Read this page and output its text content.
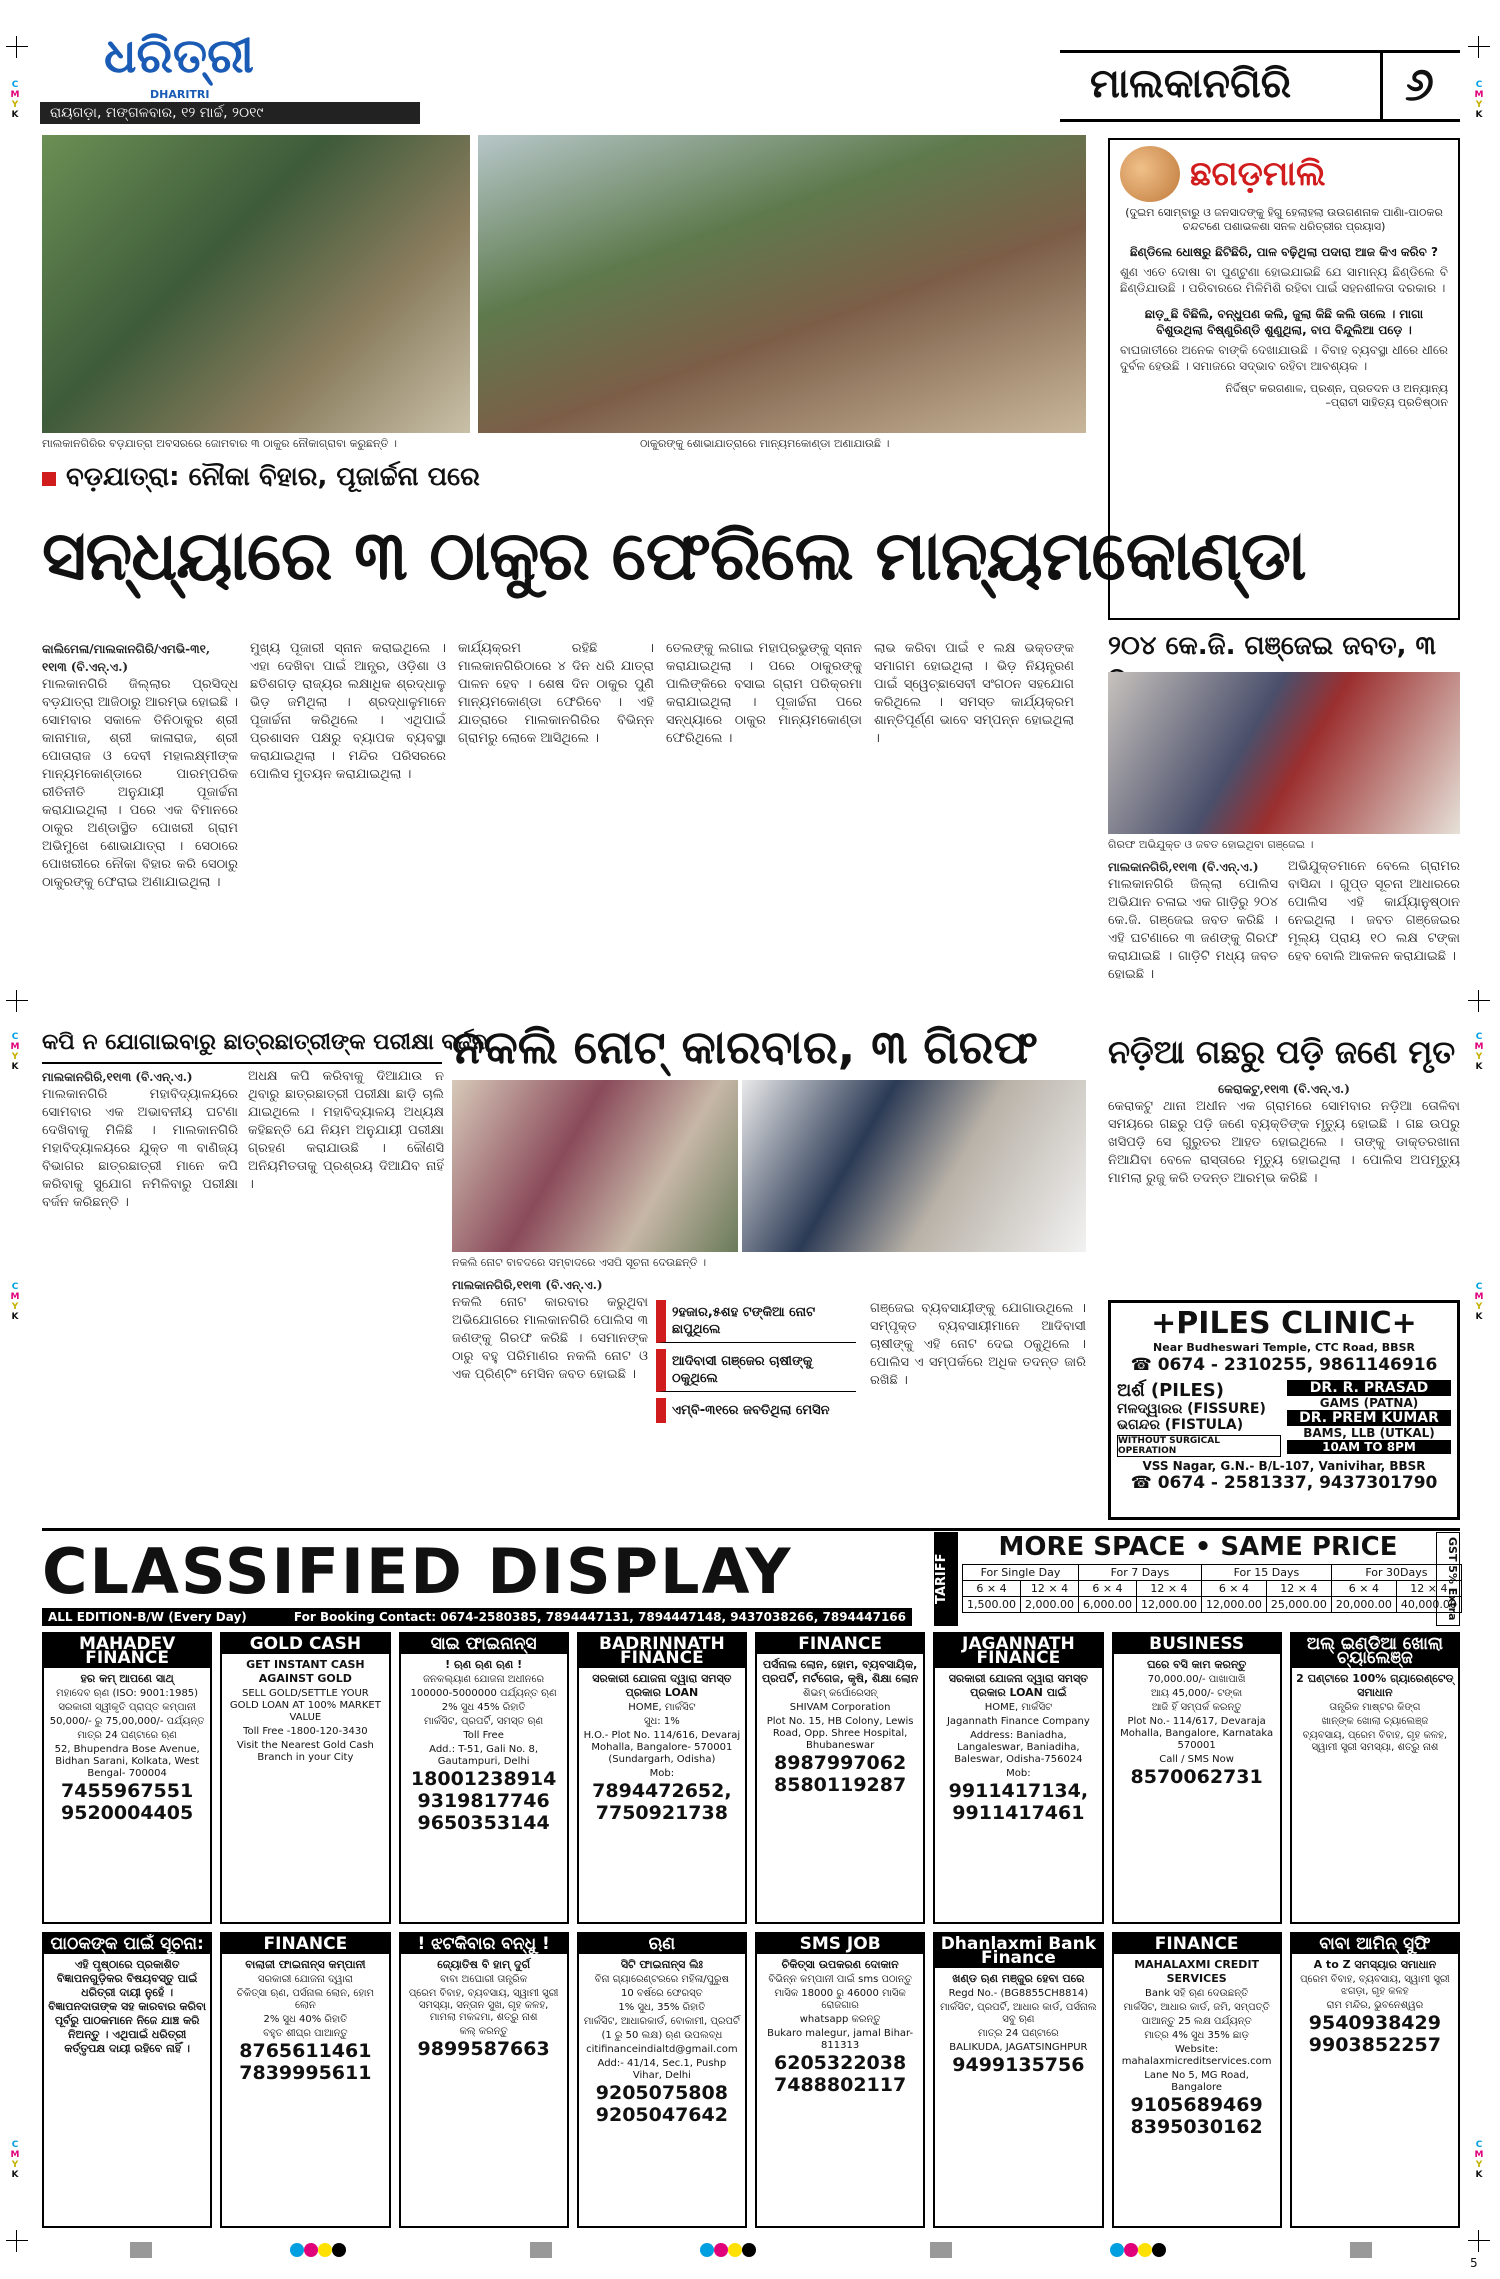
C
M
Y
K
C
M
Y
K
C
M
Y
K
C
M
Y
K
C
M
Y
K
C
M
Y
K
C
M
Y
K
C
M
Y
K
ଧରିତ୍ରୀ
DHARITRI
ରାୟଗଡ଼ା, ମଙ୍ଗଳବାର, ୧୨ ମାର୍ଚ୍ଚ, ୨୦୧୯
ମାଲକାନଗିରି ୬
ମାଲକାନଗିରିର ବଡ଼ଯାତ୍ରା ଅବସରରେ ଜୋମବାର ୩ ଠାକୁର ନୌକାଗ୍ରାବା କରୁଛନ୍ତି ।	ଠାକୁରଙ୍କୁ ଶୋଭାଯାତ୍ରାରେ ମାନ୍ୟମକୋଣ୍ଡା ଅଣାଯାଉଛି ।
ବଡ଼ଯାତ୍ରା: ନୌକା ବିହାର, ପୂଜାର୍ଚ୍ଚନା ପରେ
ସନ୍ଧ୍ୟାରେ ୩ ଠାକୁର ଫେରିଲେ ମାନ୍ୟମକୋଣ୍ଡା
କାଲିମେଳା/ମାଲକାନଗିରି/ଏମଭି-୩୧, ୧୧ା୩ (ବି.ଏନ୍.ଏ.)
ମାଲକାନଗିରି ଜିଲ୍ଲାର ପ୍ରସିଦ୍ଧ ବଡ଼ଯାତ୍ରା ଆଜିଠାରୁ ଆରମ୍ଭ ହୋଇଛି । ସୋମବାର ସକାଳେ ତିନିଠାକୁର ଶ୍ରୀ କାନାମାଜ, ଶ୍ରୀ କାଳାରାଜ, ଶ୍ରୀ ପୋତାରାଜ ଓ ଦେବୀ ମହାଲକ୍ଷ୍ମୀଙ୍କ ମାନ୍ୟମକୋଣ୍ଡାରେ ପାରମ୍ପରିକ ରୀତିନୀତି ଅନୁଯାୟୀ ପୂଜାର୍ଚ୍ଚନା କରାଯାଇଥିଲା । ପରେ ଏକ ବିମାନରେ ଠାକୁର ଅଣ୍ଡାସ୍ଥିତ ପୋଖରୀ ଗ୍ରାମ ଅଭିମୁଖେ ଶୋଭାଯାତ୍ରା । ସେଠାରେ ପୋଖରୀରେ ନୌକା ବିହାର କରି ସେଠାରୁ ଠାକୁରଙ୍କୁ ଫେରାଇ ଅଣାଯାଇଥିଲା ।
ମୁଖ୍ୟ ପୂଜାରୀ ସ୍ନାନ କରାଇଥିଲେ । ଏହା ଦେଖିବା ପାଇଁ ଆନ୍ଧ୍ର, ଓଡ଼ିଶା ଓ ଛତିଶଗଡ଼ ରାଜ୍ୟର ଲକ୍ଷାଧିକ ଶ୍ରଦ୍ଧାଳୁ ଭିଡ଼ ଜମିଥିଲା । ଶ୍ରଦ୍ଧାଳୁମାନେ ପୂଜାର୍ଚ୍ଚନା କରିଥିଲେ । ଏଥିପାଇଁ ପ୍ରଶାସନ ପକ୍ଷରୁ ବ୍ୟାପକ ବ୍ୟବସ୍ଥା କରାଯାଇଥିଲା । ମନ୍ଦିର ପରିସରରେ ପୋଲିସ ମୁତୟନ କରାଯାଇଥିଲା ।
କାର୍ଯ୍ୟକ୍ରମ ରହିଛି । ମାଲକାନଗିରିଠାରେ ୪ ଦିନ ଧରି ଯାତ୍ରା ପାଳନ ହେବ । ଶେଷ ଦିନ ଠାକୁର ପୁଣି ମାନ୍ୟମକୋଣ୍ଡା ଫେରିବେ । ଏହି ଯାତ୍ରାରେ ମାଲକାନଗିରିର ବିଭିନ୍ନ ଗ୍ରାମରୁ ଲୋକେ ଆସିଥିଲେ ।
ତେଲଙ୍କୁ ଲଗାଇ ମହାପ୍ରଭୁଙ୍କୁ ସ୍ନାନ କରାଯାଇଥିଲା । ପରେ ଠାକୁରଙ୍କୁ ପାଲିଙ୍କିରେ ବସାଇ ଗ୍ରାମ ପରିକ୍ରମା କରାଯାଇଥିଲା । ପୂଜାର୍ଚ୍ଚନା ପରେ ସନ୍ଧ୍ୟାରେ ଠାକୁର ମାନ୍ୟମକୋଣ୍ଡା ଫେରିଥିଲେ ।
ଲାଭ କରିବା ପାଇଁ ୧ ଲକ୍ଷ ଭକ୍ତଙ୍କ ସମାଗମ ହୋଇଥିଲା । ଭିଡ଼ ନିୟନ୍ତ୍ରଣ ପାଇଁ ସ୍ୱେଚ୍ଛାସେବୀ ସଂଗଠନ ସହଯୋଗ କରିଥିଲେ । ସମସ୍ତ କାର୍ଯ୍ୟକ୍ରମ ଶାନ୍ତିପୂର୍ଣ୍ଣ ଭାବେ ସମ୍ପନ୍ନ ହୋଇଥିଲା ।
ଛଗଡ଼ମାଲି
(ଦୁଇମ ସୋମ୍ବାରୁ ଓ ଜନସାଦଙ୍କୁ ହିଗୁ ହେଲାହଲା ଉଉଗଣନାକ ପାଣିା-ପାଠକର ଚନ୍ଦଟଣେ ପଶାଭଳଶା ସନଳ ଧରିତ୍ରୀର ପ୍ରୟାସ)
ଛିଣ୍ଡିଲେ ଧୋଷରୁ ଛିଟିଛିରି, ପାଳ ବଢ଼ିଥିଲା ପଦାରା ଆଜ କିଏ କରିବ ?
ଶୁଣ ଏତେ ଦୋଷା ବା ପୁଣ୍ଟୁଣା ହୋଇଯାଇଛି ଯେ ସାମାନ୍ୟ ଛିଣ୍ଡିଲେ ବି ଛିଣ୍ଡିଯାଉଛି । ପରିବାରରେ ମିଳିମିଶି ରହିବା ପାଇଁ ସହନଶୀଳତା ଦରକାର ।
ଛାଡ଼ୁଛି ବିଛିଲି, ବନ୍ଧୁପଣ କଲି, ଜୁଲା କିଛି କଲି ତାଲେ । ମାଗା ବିଶୁଉଥିଲା ବିଷ୍ଣୁରିଣ୍ଡି ଶୁଣୁଥିଲା, ବାପ ବିନ୍ଦୁଲିଆ ପଡ଼େ ।
ବାଘଜାତୀରେ ଅନେକ ବାଙ୍କି ଦେଖାଯାଉଛି । ବିବାହ ବ୍ୟବସ୍ଥା ଧୀରେ ଧୀରେ ଦୁର୍ବଳ ହେଉଛି । ସମାଜରେ ସଦ୍ଭାବ ରହିବା ଆବଶ୍ୟକ ।
ନିର୍ଦ୍ଦିଷ୍ଟ କରଗଣାଳ, ପ୍ରଶ୍ନ, ପ୍ରତଦନ ଓ ଅନ୍ୟାନ୍ୟ
–ପ୍ରାଚୀ ସାହିତ୍ୟ ପ୍ରତିଷ୍ଠାନ
୨୦୪ କେ.ଜି. ଗଞ୍ଜେଇ ଜବତ, ୩
ଗିରଫ ଅଭିଯୁକ୍ତ ଓ ଜବତ ହୋଇଥିବା ଗଞ୍ଜେଇ ।
ମାଲକାନଗିରି,୧୧ା୩ (ବି.ଏନ୍.ଏ.)
ମାଲକାନଗିରି ଜିଲ୍ଲା ପୋଲିସ ଅଭିଯାନ ଚଳାଇ ଏକ ଗାଡ଼ିରୁ ୨୦୪ କେ.ଜି. ଗଞ୍ଜେଇ ଜବତ କରିଛି । ଏହି ଘଟଣାରେ ୩ ଜଣଙ୍କୁ ଗିରଫ କରାଯାଇଛି । ଗାଡ଼ିଟି ମଧ୍ୟ ଜବତ ହୋଇଛି ।
ଅଭିଯୁକ୍ତମାନେ ବେଲେ ଗ୍ରାମର ବାସିନ୍ଦା । ଗୁପ୍ତ ସୂଚନା ଆଧାରରେ ପୋଲିସ ଏହି କାର୍ଯ୍ୟାନୁଷ୍ଠାନ ନେଇଥିଲା । ଜବତ ଗଞ୍ଜେଇର ମୂଲ୍ୟ ପ୍ରାୟ ୧୦ ଲକ୍ଷ ଟଙ୍କା ହେବ ବୋଲି ଆକଳନ କରାଯାଇଛି ।
କପି ନ ଯୋଗାଇବାରୁ ଛାତ୍ରଛାତ୍ରୀଙ୍କ ପରୀକ୍ଷା ବର୍ଜନ
ମାଲକାନଗିରି,୧୧ା୩ (ବି.ଏନ୍.ଏ.)
ମାଲକାନଗିରି ମହାବିଦ୍ୟାଳୟରେ ସୋମବାର ଏକ ଅଭାବନୀୟ ଘଟଣା ଦେଖିବାକୁ ମିଳିଛି । ମାଲକାନଗିରି ମହାବିଦ୍ୟାଳୟରେ ଯୁକ୍ତ ୩ ବାଣିଜ୍ୟ ବିଭାଗର ଛାତ୍ରଛାତ୍ରୀ ମାନେ କପି କରିବାକୁ ସୁଯୋଗ ନମିଳିବାରୁ ପରୀକ୍ଷା ବର୍ଜନ କରିଛନ୍ତି ।
ଅଧକ୍ଷ କପି କରିବାକୁ ଦିଆଯାଉ ନ ଥିବାରୁ ଛାତ୍ରଛାତ୍ରୀ ପରୀକ୍ଷା ଛାଡ଼ି ଚାଲି ଯାଇଥିଲେ । ମହାବିଦ୍ୟାଳୟ ଅଧ୍ୟକ୍ଷ କହିଛନ୍ତି ଯେ ନିୟମ ଅନୁଯାୟୀ ପରୀକ୍ଷା ଗ୍ରହଣ କରାଯାଉଛି । କୌଣସି ଅନିୟମିତତାକୁ ପ୍ରଶ୍ରୟ ଦିଆଯିବ ନାହିଁ ।
ନକଲି ନୋଟ୍ କାରବାର, ୩ ଗିରଫ
ନକଲି ନୋଟ ବାବଦରେ ସମ୍ବାଦରେ ଏସପି ସୂଚନା ଦେଉଛନ୍ତି ।
ମାଲକାନଗିରି,୧୧ା୩ (ବି.ଏନ୍.ଏ.)
ନକଲି ନୋଟ କାରବାର କରୁଥିବା ଅଭିଯୋଗରେ ମାଲକାନଗିରି ପୋଲିସ ୩ ଜଣଙ୍କୁ ଗିରଫ କରିଛି । ସେମାନଙ୍କ ଠାରୁ ବହୁ ପରିମାଣର ନକଲି ନୋଟ ଓ ଏକ ପ୍ରିଣ୍ଟିଂ ମେସିନ ଜବତ ହୋଇଛି ।
୨ହଜାର,୫ଶହ ଟଙ୍କିଆ ନୋଟ ଛାପୁଥିଲେ
ଆଦିବାସୀ ଗଞ୍ଜେର ଚାଷୀଙ୍କୁ ଠକୁଥିଲେ
ଏମ୍ବି-୩୧ରେ ଜବତିଥିଲା ମେସିନ
ଗଞ୍ଜେଇ ବ୍ୟବସାୟୀଙ୍କୁ ଯୋଗାଉଥିଲେ । ସମ୍ପୃକ୍ତ ବ୍ୟବସାୟୀମାନେ ଆଦିବାସୀ ଚାଷୀଙ୍କୁ ଏହି ନୋଟ ଦେଇ ଠକୁଥିଲେ । ପୋଲିସ ଏ ସମ୍ପର୍କରେ ଅଧିକ ତଦନ୍ତ ଜାରି ରଖିଛି ।
ନଡ଼ିଆ ଗଛରୁ ପଡ଼ି ଜଣେ ମୃତ
କେରାକଟୁ,୧୧ା୩ (ବି.ଏନ୍.ଏ.)
କେରାକଟୁ ଥାନା ଅଧୀନ ଏକ ଗ୍ରାମରେ ସୋମବାର ନଡ଼ିଆ ତୋଳିବା ସମୟରେ ଗଛରୁ ପଡ଼ି ଜଣେ ବ୍ୟକ୍ତିଙ୍କ ମୃତ୍ୟୁ ହୋଇଛି । ଗଛ ଉପରୁ ଖସିପଡ଼ି ସେ ଗୁରୁତର ଆହତ ହୋଇଥିଲେ । ତାଙ୍କୁ ଡାକ୍ତରଖାନା ନିଆଯିବା ବେଳେ ରାସ୍ତାରେ ମୃତ୍ୟୁ ହୋଇଥିଲା । ପୋଲିସ ଅପମୃତ୍ୟୁ ମାମଲା ରୁଜୁ କରି ତଦନ୍ତ ଆରମ୍ଭ କରିଛି ।
+PILES CLINIC+
Near Budheswari Temple, CTC Road, BBSR
☎ 0674 - 2310255, 9861146916
ଅର୍ଶ (PILES)
ମଳଦ୍ୱାରର (FISSURE)
ଭଗନ୍ଦର (FISTULA)
WITHOUT SURGICAL OPERATION
DR. R. PRASAD
GAMS (PATNA)
DR. PREM KUMAR
BAMS, LLB (UTKAL)
10AM TO 8PM
VSS Nagar, G.N.- B/L-107, Vanivihar, BBSR
☎ 0674 - 2581337, 9437301790
CLASSIFIED DISPLAY
ALL EDITION-B/W (Every Day)	For Booking Contact: 0674-2580385, 7894447131, 7894447148, 9437038266, 7894447166
TARIFF
MORE SPACE • SAME PRICE	GST 5% Extra
For Single Day		For 7 Days		For 15 Days		For 30Days	
6 × 4	12 × 4	6 × 4	12 × 4	6 × 4	12 × 4	6 × 4	12 × 4
1,500.00	2,000.00	6,000.00	12,000.00	12,000.00	25,000.00	20,000.00	40,000.00
MAHADEV FINANCE
ହର କମ୍ ଆପଣେ ସାଥ୍
ମହାଦେବ ଋଣ (ISO: 9001:1985)
ସରକାରୀ ସ୍ୱୀକୃତି ପ୍ରାପ୍ତ କମ୍ପାନୀ
50,000/- ରୁ 75,00,000/- ପର୍ଯ୍ୟନ୍ତ
ମାତ୍ର 24 ଘଣ୍ଟାରେ ଋଣ
52, Bhupendra Bose Avenue, Bidhan Sarani, Kolkata, West Bengal- 700004
7455967551
9520004405
GOLD CASH
GET INSTANT CASH AGAINST GOLD
SELL GOLD/SETTLE YOUR GOLD LOAN AT 100% MARKET VALUE
Toll Free -1800-120-3430
Visit the Nearest Gold Cash Branch in your City
ସାଇ ଫାଇନାନ୍ସ
! ଋଣ ଋଣ ଋଣ !
ଜନକଲ୍ୟାଣ ଯୋଜନା ଅଧୀନରେ
100000-5000000 ପର୍ଯ୍ୟନ୍ତ ଋଣ
2% ସୁଧ 45% ରିହାତି
ମାର୍କସିଟ, ପ୍ରପର୍ଟି, ସମସ୍ତ ଋଣ
Toll Free
Add.: T-51, Gali No. 8, Gautampuri, Delhi
18001238914
9319817746
9650353144
BADRINNATH FINANCE
ସରକାରୀ ଯୋଜନା ଦ୍ୱାରା ସମସ୍ତ ପ୍ରକାର LOAN
HOME, ମାର୍କସିଟ
ସୁଧ: 1%
H.O.- Plot No. 114/616, Devaraj Mohalla, Bangalore- 570001 (Sundargarh, Odisha)
Mob:
7894472652, 7750921738
FINANCE
ପର୍ସନାଲ ଲୋନ, ହୋମ, ବ୍ୟବସାୟିକ, ପ୍ରପର୍ଟି, ମର୍ଟଗେଜ, କୃଷି, ଶିକ୍ଷା ଲୋନ
ଶିଭମ୍ କର୍ପୋରେସନ୍
SHIVAM Corporation
Plot No. 15, HB Colony, Lewis Road, Opp. Shree Hospital, Bhubaneswar
8987997062
8580119287
JAGANNATH FINANCE
ସରକାରୀ ଯୋଜନା ଦ୍ୱାରା ସମସ୍ତ ପ୍ରକାର LOAN ପାଇଁ
HOME, ମାର୍କସିଟ
Jagannath Finance Company
Address: Baniadha, Langaleswar, Baniadiha, Baleswar, Odisha-756024
Mob:
9911417134, 9911417461
BUSINESS
ଘରେ ବସି କାମ କରନ୍ତୁ
70,000.00/- ପାଖାପାଖି
ଆୟ 45,000/- ଟଙ୍କା
ଆଜି ହିଁ ସମ୍ପର୍କ କରନ୍ତୁ
Plot No.- 114/617, Devaraja Mohalla, Bangalore, Karnataka 570001
Call / SMS Now
8570062731
ଅଲ୍ ଇଣ୍ଡିଆ ଖୋଲା ଚ୍ୟାଲେଞ୍ଜ
2 ଘଣ୍ଟାରେ 100% ଗ୍ୟାରେଣ୍ଟେଡ୍ ସମାଧାନ
ତାନ୍ତ୍ରିକ ମାଷ୍ଟର କିଙ୍ଗ
ଖାନ୍ଙ୍କ ଖୋଲା ଚ୍ୟାଲେଞ୍ଜ
ବ୍ୟବସାୟ, ପ୍ରେମ ବିବାହ, ଗୃହ କଳହ, ସ୍ୱାମୀ ସ୍ତ୍ରୀ ସମସ୍ୟା, ଶତ୍ରୁ ନାଶ
ପାଠକଙ୍କ ପାଇଁ ସୂଚନା:
ଏହି ପୃଷ୍ଠାରେ ପ୍ରକାଶିତ ବିଜ୍ଞାପନଗୁଡ଼ିକର ବିଷୟବସ୍ତୁ ପାଇଁ ଧରିତ୍ରୀ ଦାୟୀ ନୁହେଁ । ବିଜ୍ଞାପନଦାତାଙ୍କ ସହ କାରବାର କରିବା ପୂର୍ବରୁ ପାଠକମାନେ ନିଜେ ଯାଞ୍ଚ କରି ନିଅନ୍ତୁ । ଏଥିପାଇଁ ଧରିତ୍ରୀ କର୍ତ୍ତୃପକ୍ଷ ଦାୟୀ ରହିବେ ନାହିଁ ।
FINANCE
ବାଲାଜୀ ଫାଇନାନ୍ସ କମ୍ପାନୀ
ସରକାରୀ ଯୋଜନା ଦ୍ୱାରା
ଚିକିତ୍ସା ଋଣ, ପର୍ସନାଲ ଲୋନ, ହୋମ ଲୋନ
2% ସୁଧ 40% ରିହାତି
ବହୁତ ଶୀଘ୍ର ପାଆନ୍ତୁ
8765611461
7839995611
! ଝଟକିବାର ବନ୍ଧୁ !
ଜ୍ୟୋତିଷ ବି ହାମ୍ ଦୁର୍ଗ
ବାବା ଅଘୋରୀ ତାନ୍ତ୍ରିକ
ପ୍ରେମ ବିବାହ, ବ୍ୟବସାୟ, ସ୍ୱାମୀ ସ୍ତ୍ରୀ ସମସ୍ୟା, ସନ୍ତାନ ସୁଖ, ଗୃହ କଳହ, ମାମଲା ମକଦ୍ଦମା, ଶତ୍ରୁ ନାଶ
କଲ୍ କରନ୍ତୁ
9899587663
ଋଣ
ସିଟି ଫାଇନାନ୍ସ ଲିଃ
ବିନା ଗ୍ୟାରେଣ୍ଟରରେ ମହିଳା/ପୁରୁଷ
10 ବର୍ଷରେ ଫେରସ୍ତ
1% ସୁଧ, 35% ରିହାତି
ମାର୍କସିଟ, ଆଧାରକାର୍ଡ, ବୋକାମୀ, ପ୍ରପର୍ଟି
(1 ରୁ 50 ଲକ୍ଷ) ଋଣ ଉପଲବ୍ଧ
citifinanceindialtd@gmail.com
Add:- 41/14, Sec.1, Pushp Vihar, Delhi
9205075808
9205047642
SMS JOB
ଚିକିତ୍ସା ଉପକରଣ ଦୋକାନ
ବିଭିନ୍ନ କମ୍ପାନୀ ପାଇଁ sms ପଠାନ୍ତୁ
ମାସିକ 18000 ରୁ 46000 ମାସିକ ରୋଜଗାର
whatsapp କରନ୍ତୁ
Bukaro malegur, jamal Bihar-811313
6205322038
7488802117
Dhanlaxmi Bank Finance
ଖଣ୍ଡ ଋଣ ମଞ୍ଜୁର ହେବା ପରେ
Regd No.- (BG8855CH8814)
ମାର୍କସିଟ, ପ୍ରପର୍ଟି, ଆଧାର କାର୍ଡ, ପର୍ସନାଲ ସବୁ ଋଣ
ମାତ୍ର 24 ଘଣ୍ଟାରେ
BALIKUDA, JAGATSINGHPUR
9499135756
FINANCE
MAHALAXMI CREDIT SERVICES
Bank ସହି ଋଣ ଦେଉଛନ୍ତି
ମାର୍କସିଟ, ଆଧାର କାର୍ଡ, ଜମି, ସମ୍ପତ୍ତି
ପାଆନ୍ତୁ 25 ଲକ୍ଷ ପର୍ଯ୍ୟନ୍ତ
ମାତ୍ର 4% ସୁଧ 35% ଛାଡ଼
Website: mahalaxmicreditservices.com
Lane No 5, MG Road, Bangalore
9105689469
8395030162
ବାବା ଆମିନ୍ ସୁଫି
A to Z ସମସ୍ୟାର ସମାଧାନ
ପ୍ରେମ ବିବାହ, ବ୍ୟବସାୟ, ସ୍ୱାମୀ ସ୍ତ୍ରୀ ଝଗଡ଼ା, ଗୃହ କଳହ
ରାମ ମନ୍ଦିର, ଭୁବନେଶ୍ୱର
9540938429
9903852257
5
